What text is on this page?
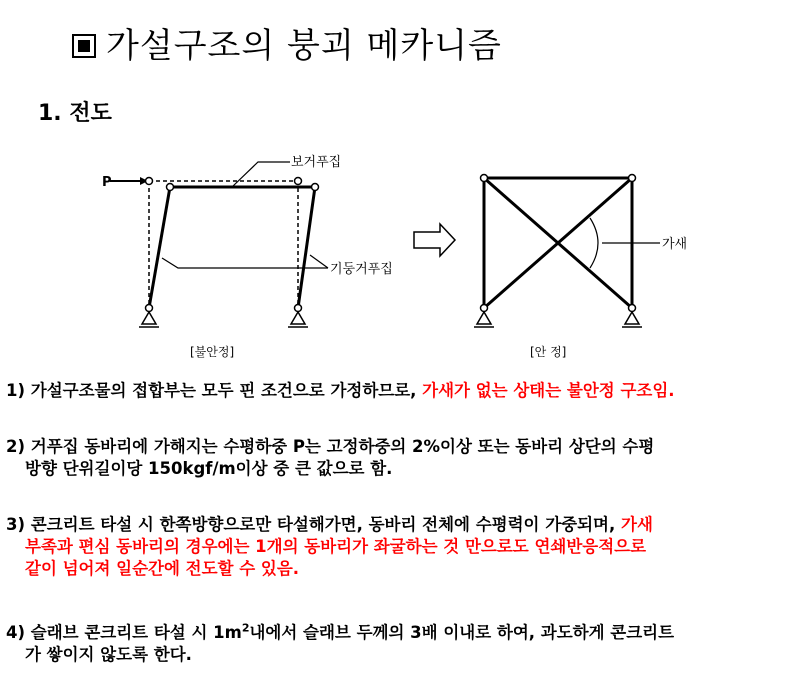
가설구조의 붕괴 메카니즘
1. 전도
P
보거푸집
기둥거푸집
[불안정]
가새
[안 정]
1) 가설구조물의 접합부는 모두 핀 조건으로 가정하므로, 가새가 없는 상태는 불안정 구조임.
2) 거푸집 동바리에 가해지는 수평하중 P는 고정하중의 2%이상 또는 동바리 상단의 수평
방향 단위길이당 150kgf/m이상 중 큰 값으로 함.
3) 콘크리트 타설 시 한쪽방향으로만 타설해가면, 동바리 전체에 수평력이 가중되며, 가새
부족과 편심 동바리의 경우에는 1개의 동바리가 좌굴하는 것 만으로도 연쇄반응적으로
같이 넘어져 일순간에 전도할 수 있음.
4) 슬래브 콘크리트 타설 시 $1m^2$내에서 슬래브 두께의 3배 이내로 하여, 과도하게 콘크리트
가 쌓이지 않도록 한다.
